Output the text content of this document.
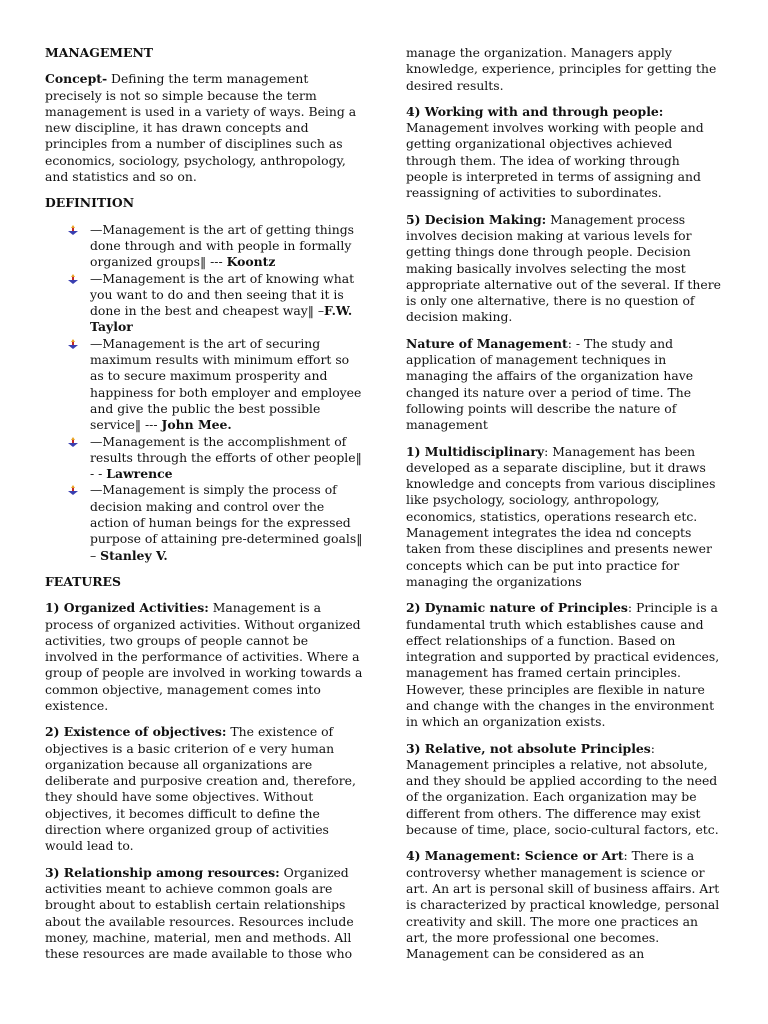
MANAGEMENT

Concept- Defining the term management precisely is not so simple because the term management is used in a variety of ways. Being a new discipline, it has drawn concepts and principles from a number of disciplines such as economics, sociology, psychology, anthropology, and statistics and so on.

DEFINITION

—Management is the art of getting things done through and with people in formally organized groups‖ --- Koontz
—Management is the art of knowing what you want to do and then seeing that it is done in the best and cheapest way‖ –F.W. Taylor
—Management is the art of securing maximum results with minimum effort so as to secure maximum prosperity and happiness for both employer and employee and give the public the best possible service‖ --- John Mee.
—Management is the accomplishment of results through the efforts of other people‖ - - Lawrence
—Management is simply the process of decision making and control over the action of human beings for the expressed purpose of attaining pre-determined goals‖ – Stanley V.

FEATURES

1) Organized Activities: Management is a process of organized activities. Without organized activities, two groups of people cannot be involved in the performance of activities. Where a group of people are involved in working towards a common objective, management comes into existence.

2) Existence of objectives: The existence of objectives is a basic criterion of e very human organization because all organizations are deliberate and purposive creation and, therefore, they should have some objectives. Without objectives, it becomes difficult to define the direction where organized group of activities would lead to.

3) Relationship among resources: Organized activities meant to achieve common goals are brought about to establish certain relationships about the available resources. Resources include money, machine, material, men and methods. All these resources are made available to those who

manage the organization. Managers apply knowledge, experience, principles for getting the desired results.

4) Working with and through people: Management involves working with people and getting organizational objectives achieved through them. The idea of working through people is interpreted in terms of assigning and reassigning of activities to subordinates.

5) Decision Making: Management process involves decision making at various levels for getting things done through people. Decision making basically involves selecting the most appropriate alternative out of the several. If there is only one alternative, there is no question of decision making.

Nature of Management: - The study and application of management techniques in managing the affairs of the organization have changed its nature over a period of time. The following points will describe the nature of management

1) Multidisciplinary: Management has been developed as a separate discipline, but it draws knowledge and concepts from various disciplines like psychology, sociology, anthropology, economics, statistics, operations research etc. Management integrates the idea nd concepts taken from these disciplines and presents newer concepts which can be put into practice for managing the organizations

2) Dynamic nature of Principles: Principle is a fundamental truth which establishes cause and effect relationships of a function. Based on integration and supported by practical evidences, management has framed certain principles. However, these principles are flexible in nature and change with the changes in the environment in which an organization exists.

3) Relative, not absolute Principles: Management principles a relative, not absolute, and they should be applied according to the need of the organization. Each organization may be different from others. The difference may exist because of time, place, socio-cultural factors, etc.

4) Management: Science or Art: There is a controversy whether management is science or art. An art is personal skill of business affairs. Art is characterized by practical knowledge, personal creativity and skill. The more one practices an art, the more professional one becomes. Management can be considered as an
